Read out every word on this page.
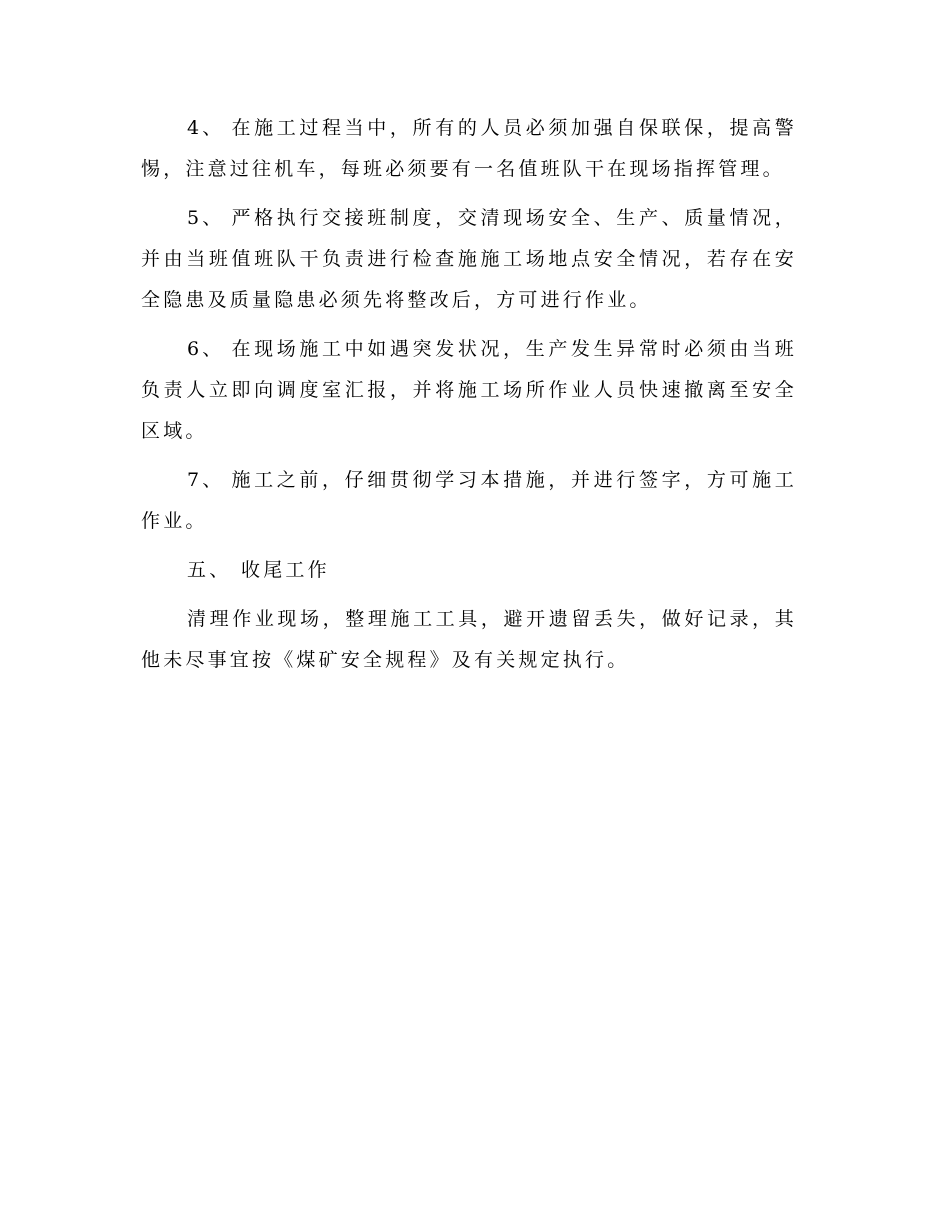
4、 在施工过程当中，所有的人员必须加强自保联保，提高警惕，注意过往机车，每班必须要有一名值班队干在现场指挥管理。

5、 严格执行交接班制度，交清现场安全、生产、质量情况，并由当班值班队干负责进行检查施施工场地点安全情况，若存在安全隐患及质量隐患必须先将整改后，方可进行作业。

6、 在现场施工中如遇突发状况，生产发生异常时必须由当班负责人立即向调度室汇报，并将施工场所作业人员快速撤离至安全区域。

7、 施工之前，仔细贯彻学习本措施，并进行签字，方可施工作业。

五、 收尾工作

清理作业现场，整理施工工具，避开遗留丢失，做好记录，其他未尽事宜按《煤矿安全规程》及有关规定执行。
